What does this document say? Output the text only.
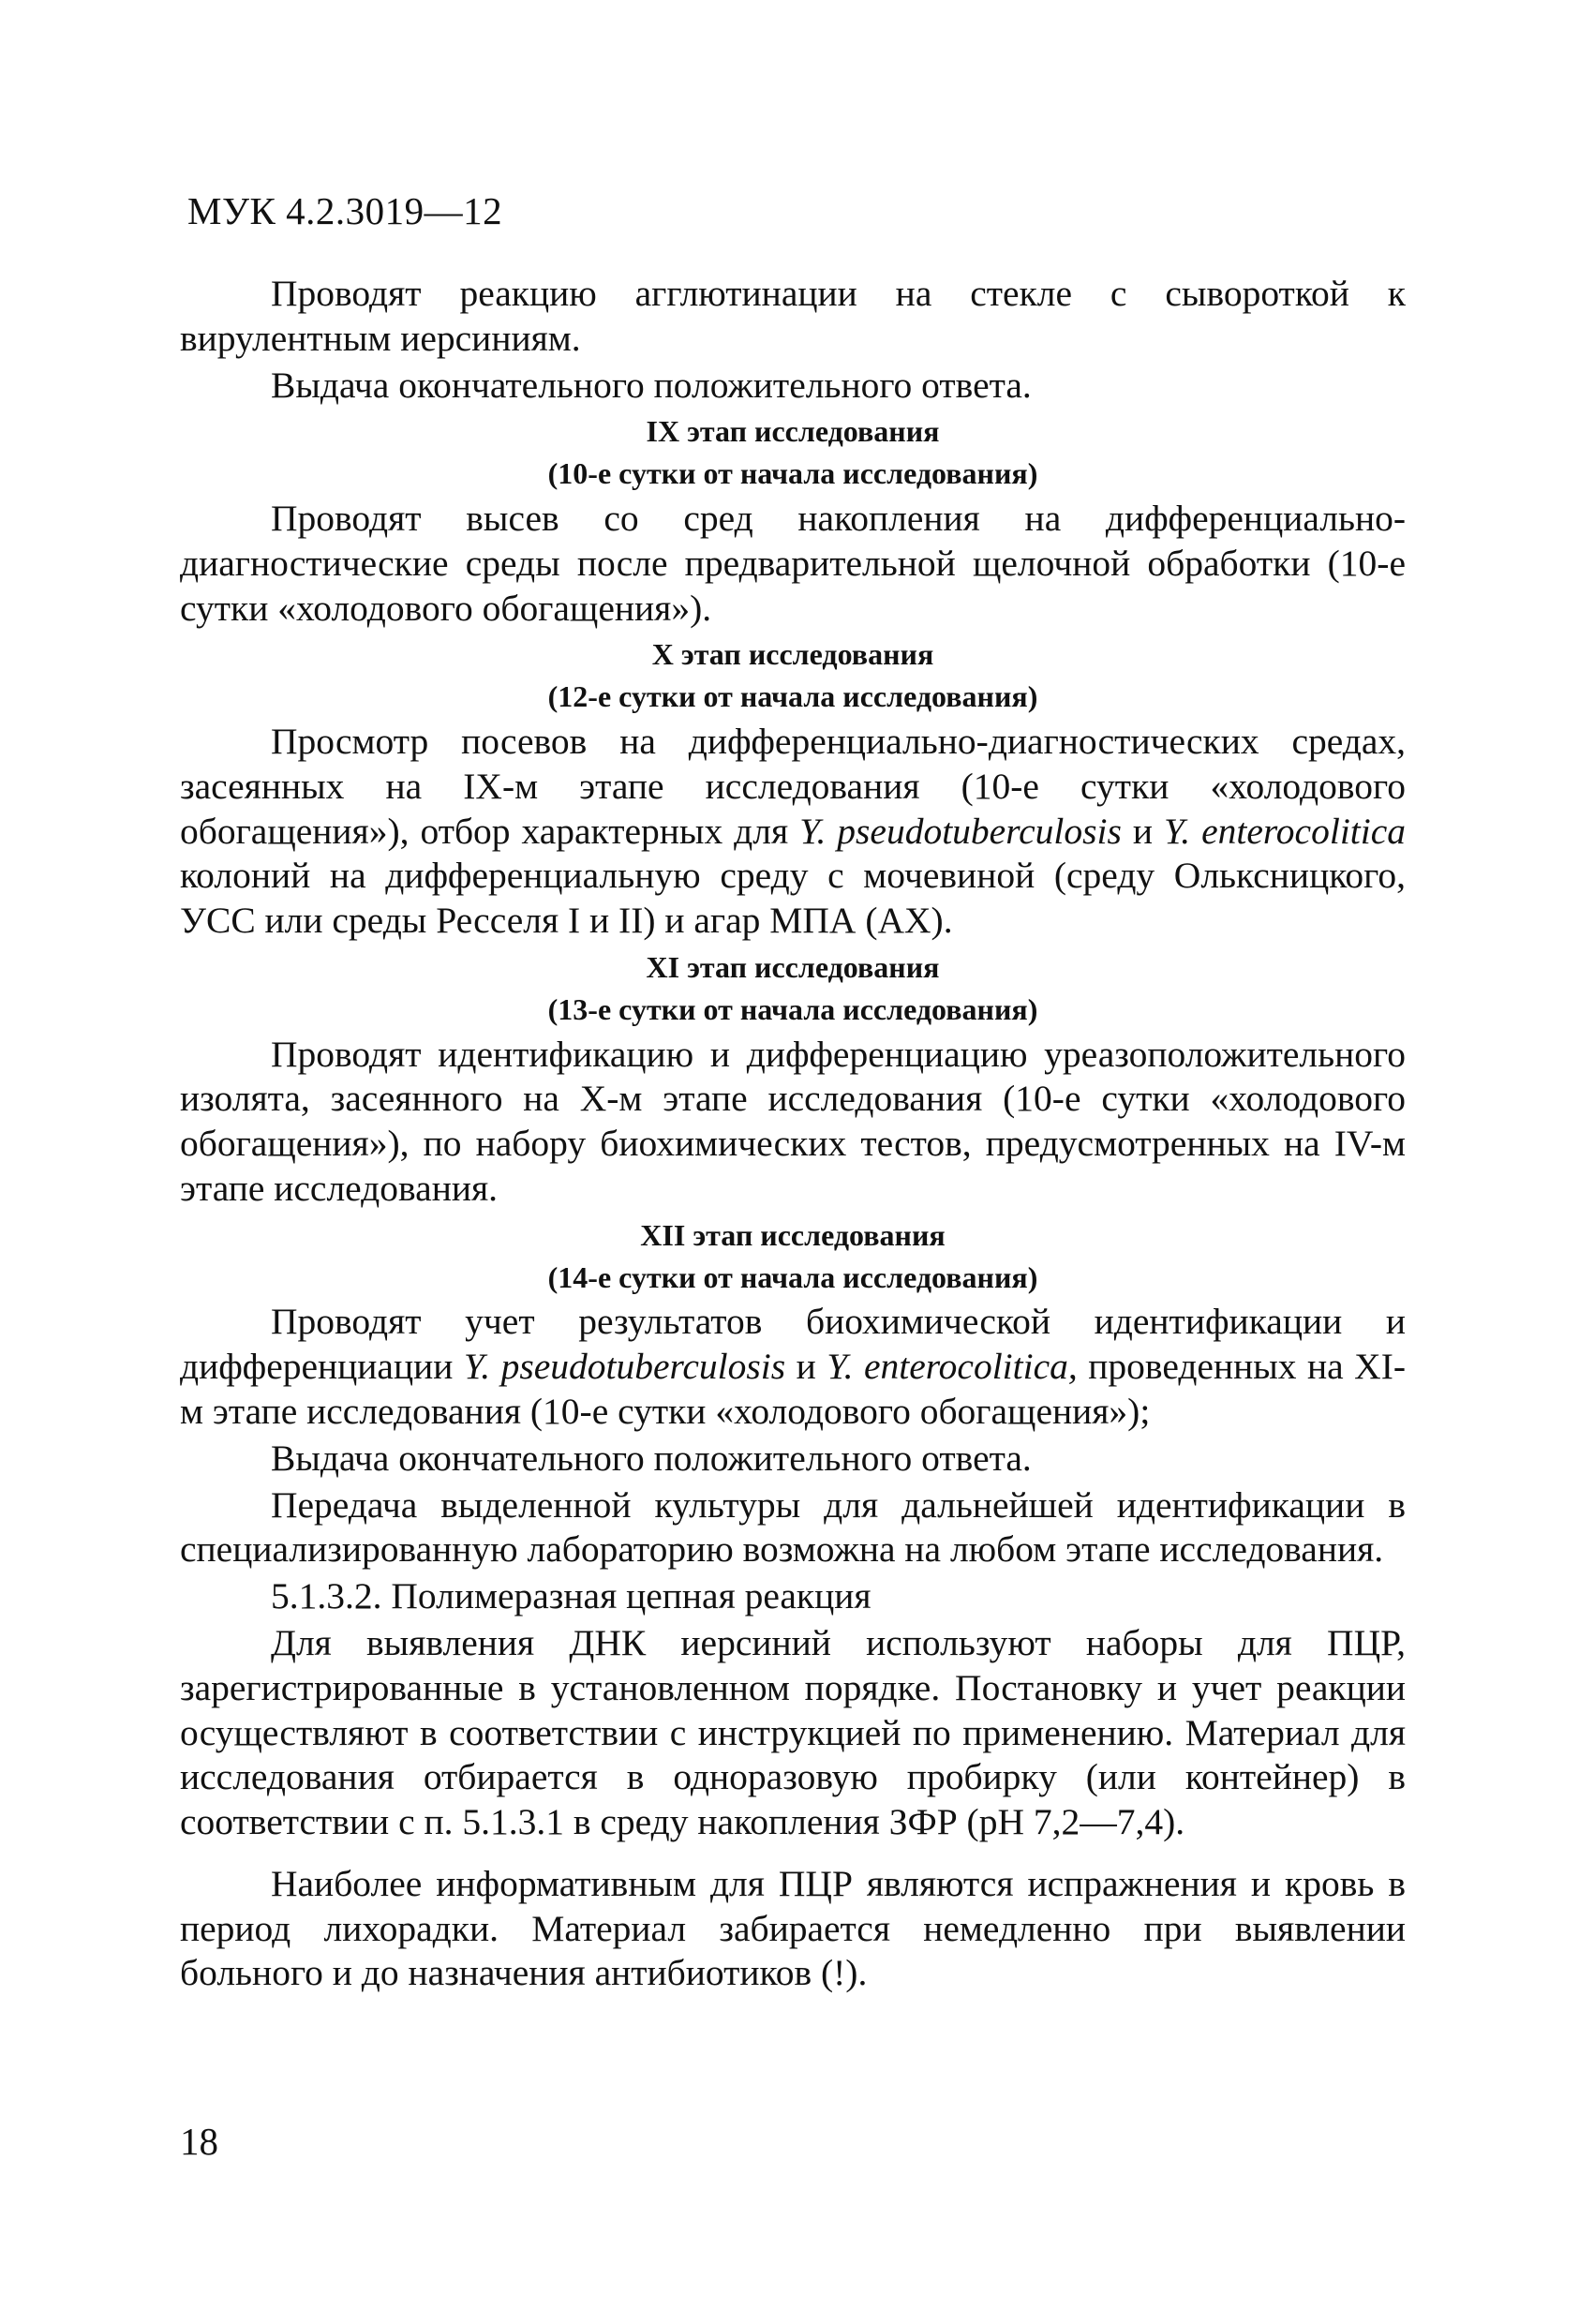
МУК 4.2.3019—12

Проводят реакцию агглютинации на стекле с сывороткой к вирулентным иерсиниям.

Выдача окончательного положительного ответа.

IX этап исследования
(10-е сутки от начала исследования)

Проводят высев со сред накопления на дифференциально-диагностические среды после предварительной щелочной обработки (10-е сутки «холодового обогащения»).

X этап исследования
(12-е сутки от начала исследования)

Просмотр посевов на дифференциально-диагностических средах, засеянных на IX-м этапе исследования (10-е сутки «холодового обогащения»), отбор характерных для Y. pseudotuberculosis и Y. enterocolitica колоний на дифференциальную среду с мочевиной (среду Ольксницкого, УСС или среды Ресселя I и II) и агар МПА (АХ).

XI этап исследования
(13-е сутки от начала исследования)

Проводят идентификацию и дифференциацию уреазоположительного изолята, засеянного на X-м этапе исследования (10-е сутки «холодового обогащения»), по набору биохимических тестов, предусмотренных на IV-м этапе исследования.

XII этап исследования
(14-е сутки от начала исследования)

Проводят учет результатов биохимической идентификации и дифференциации Y. pseudotuberculosis и Y. enterocolitica, проведенных на XI-м этапе исследования (10-е сутки «холодового обогащения»);

Выдача окончательного положительного ответа.

Передача выделенной культуры для дальнейшей идентификации в специализированную лабораторию возможна на любом этапе исследования.

5.1.3.2. Полимеразная цепная реакция

Для выявления ДНК иерсиний используют наборы для ПЦР, зарегистрированные в установленном порядке. Постановку и учет реакции осуществляют в соответствии с инструкцией по применению. Материал для исследования отбирается в одноразовую пробирку (или контейнер) в соответствии с п. 5.1.3.1 в среду накопления ЗФР (pH 7,2—7,4).

Наиболее информативным для ПЦР являются испражнения и кровь в период лихорадки. Материал забирается немедленно при выявлении больного и до назначения антибиотиков (!).

18
